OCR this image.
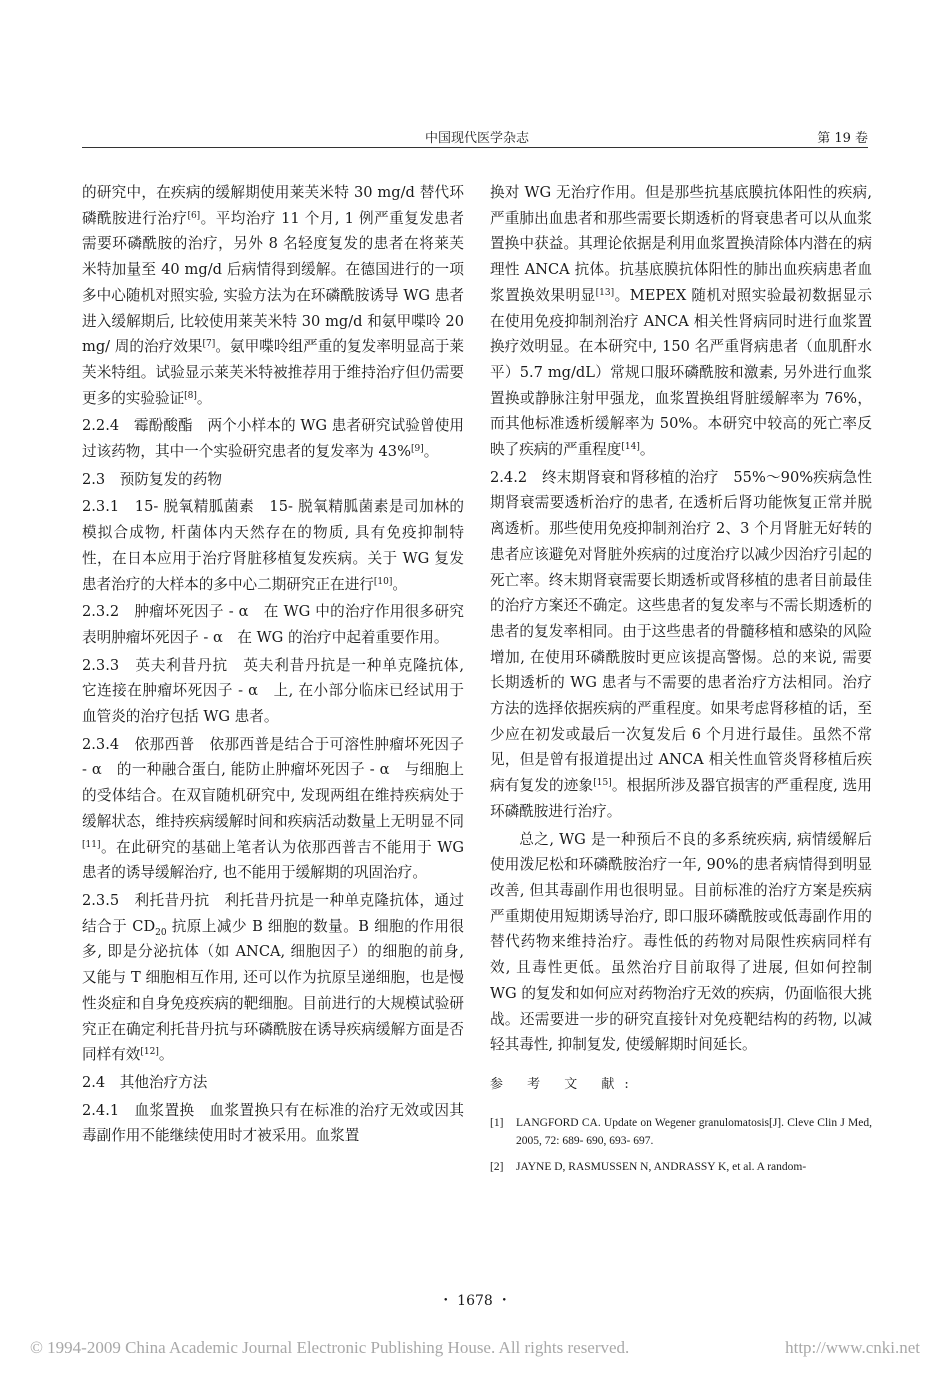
中国现代医学杂志	第 19 卷

的研究中，在疾病的缓解期使用莱芙米特 30 mg/d 替代环磷酰胺进行治疗[6]。平均治疗 11 个月, 1 例严重复发患者需要环磷酰胺的治疗，另外 8 名轻度复发的患者在将莱芙米特加量至 40 mg/d 后病情得到缓解。在德国进行的一项多中心随机对照实验, 实验方法为在环磷酰胺诱导 WG 患者进入缓解期后, 比较使用莱芙米特 30 mg/d 和氨甲喋呤 20 mg/ 周的治疗效果[7]。氨甲喋呤组严重的复发率明显高于莱芙米特组。试验显示莱芙米特被推荐用于维持治疗但仍需要更多的实验验证[8]。

2.2.4　霉酚酸酯　两个小样本的 WG 患者研究试验曾使用过该药物，其中一个实验研究患者的复发率为 43%[9]。

2.3　预防复发的药物

2.3.1　15- 脱氧精胍菌素　15- 脱氧精胍菌素是司加林的模拟合成物, 杆菌体内天然存在的物质, 具有免疫抑制特性，在日本应用于治疗肾脏移植复发疾病。关于 WG 复发患者治疗的大样本的多中心二期研究正在进行[10]。

2.3.2　肿瘤坏死因子 - α　在 WG 中的治疗作用很多研究表明肿瘤坏死因子 - α　在 WG 的治疗中起着重要作用。

2.3.3　英夫利昔丹抗　英夫利昔丹抗是一种单克隆抗体, 它连接在肿瘤坏死因子 - α　上, 在小部分临床已经试用于血管炎的治疗包括 WG 患者。

2.3.4　依那西普　依那西普是结合于可溶性肿瘤坏死因子 - α　的一种融合蛋白, 能防止肿瘤坏死因子 - α　与细胞上的受体结合。在双盲随机研究中, 发现两组在维持疾病处于缓解状态，维持疾病缓解时间和疾病活动数量上无明显不同[11]。在此研究的基础上笔者认为依那西普吉不能用于 WG 患者的诱导缓解治疗, 也不能用于缓解期的巩固治疗。

2.3.5　利托昔丹抗　利托昔丹抗是一种单克隆抗体，通过结合于 $CD_{20}$ 抗原上减少 B 细胞的数量。B 细胞的作用很多, 即是分泌抗体（如 ANCA, 细胞因子）的细胞的前身, 又能与 T 细胞相互作用, 还可以作为抗原呈递细胞，也是慢性炎症和自身免疫疾病的靶细胞。目前进行的大规模试验研究正在确定利托昔丹抗与环磷酰胺在诱导疾病缓解方面是否同样有效[12]。

2.4　其他治疗方法

2.4.1　血浆置换　血浆置换只有在标准的治疗无效或因其毒副作用不能继续使用时才被采用。血浆置

换对 WG 无治疗作用。但是那些抗基底膜抗体阳性的疾病, 严重肺出血患者和那些需要长期透析的肾衰患者可以从血浆置换中获益。其理论依据是利用血浆置换清除体内潜在的病理性 ANCA 抗体。抗基底膜抗体阳性的肺出血疾病患者血浆置换效果明显[13]。MEPEX 随机对照实验最初数据显示在使用免疫抑制剂治疗 ANCA 相关性肾病同时进行血浆置换疗效明显。在本研究中, 150 名严重肾病患者（血肌酐水平）5.7 mg/dL）常规口服环磷酰胺和激素, 另外进行血浆置换或静脉注射甲强龙，血浆置换组肾脏缓解率为 76%，而其他标准透析缓解率为 50%。本研究中较高的死亡率反映了疾病的严重程度[14]。

2.4.2　终末期肾衰和肾移植的治疗　55%～90%疾病急性期肾衰需要透析治疗的患者, 在透析后肾功能恢复正常并脱离透析。那些使用免疫抑制剂治疗 2、3 个月肾脏无好转的患者应该避免对肾脏外疾病的过度治疗以减少因治疗引起的死亡率。终末期肾衰需要长期透析或肾移植的患者目前最佳的治疗方案还不确定。这些患者的复发率与不需长期透析的患者的复发率相同。由于这些患者的骨髓移植和感染的风险增加, 在使用环磷酰胺时更应该提高警惕。总的来说, 需要长期透析的 WG 患者与不需要的患者治疗方法相同。治疗方法的选择依据疾病的严重程度。如果考虑肾移植的话，至少应在初发或最后一次复发后 6 个月进行最佳。虽然不常见，但是曾有报道提出过 ANCA 相关性血管炎肾移植后疾病有复发的迹象[15]。根据所涉及器官损害的严重程度, 选用环磷酰胺进行治疗。

总之, WG 是一种预后不良的多系统疾病, 病情缓解后使用泼尼松和环磷酰胺治疗一年, 90%的患者病情得到明显改善, 但其毒副作用也很明显。目前标准的治疗方案是疾病严重期使用短期诱导治疗, 即口服环磷酰胺或低毒副作用的替代药物来维持治疗。毒性低的药物对局限性疾病同样有效, 且毒性更低。虽然治疗目前取得了进展, 但如何控制 WG 的复发和如何应对药物治疗无效的疾病，仍面临很大挑战。还需要进一步的研究直接针对免疫靶结构的药物, 以减轻其毒性, 抑制复发, 使缓解期时间延长。

参 考 文 献:
[1]	LANGFORD CA. Update on Wegener granulomatosis[J]. Cleve Clin J Med, 2005, 72: 689- 690, 693- 697.
[2]	JAYNE D, RASMUSSEN N, ANDRASSY K, et al. A random-
・ 1678 ・
© 1994-2009 China Academic Journal Electronic Publishing House. All rights reserved.	http://www.cnki.net
